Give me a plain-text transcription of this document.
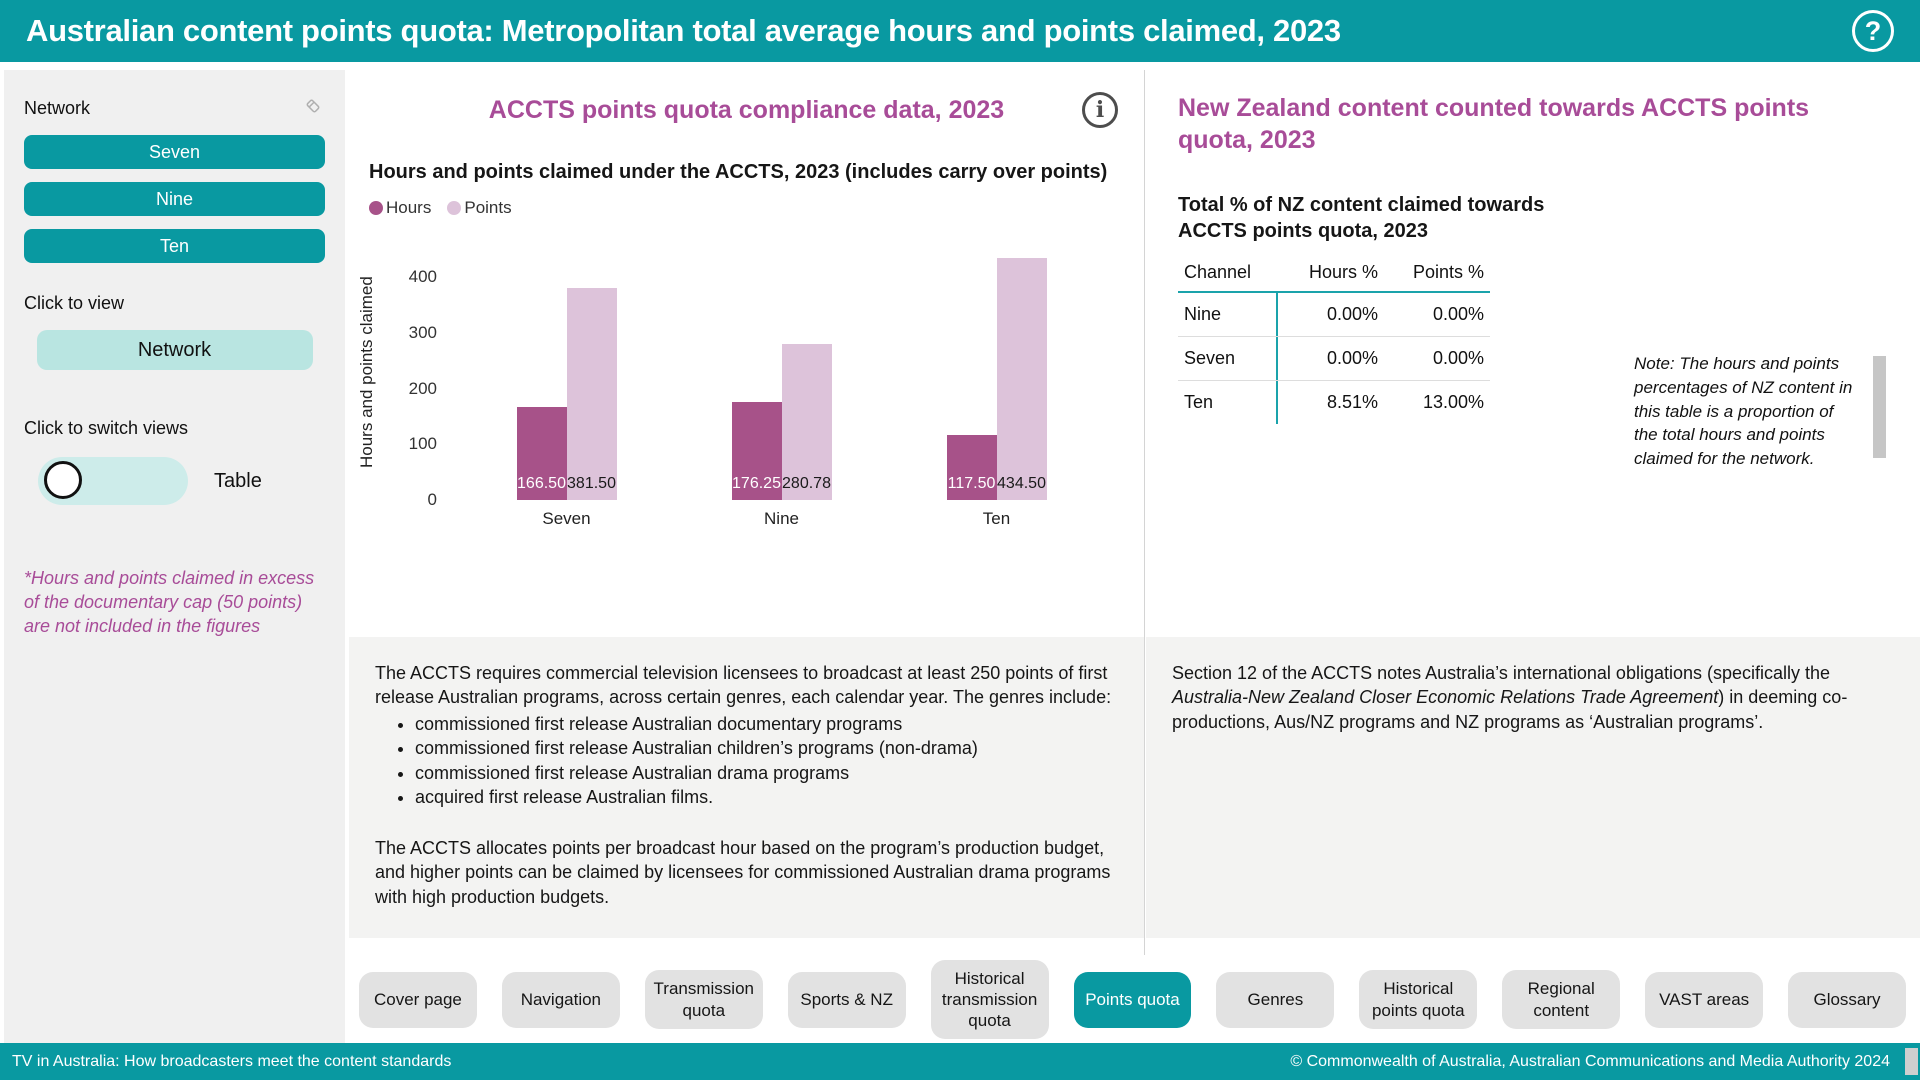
Australian content points quota: Metropolitan total average hours and points claimed, 2023	?
Network
Seven
Nine
Ten
Click to view
Network
Click to switch views
Table
*Hours and points claimed in excess of the documentary cap (50 points) are not included in the figures
ACCTS points quota compliance data, 2023	i
Hours and points claimed under the ACCTS, 2023 (includes carry over points)
Hours Points
Hours and points claimed
0
100
200
300
400
166.50 381.50
Seven
176.25 280.78
Nine
117.50 434.50
Ten

The ACCTS requires commercial television licensees to broadcast at least 250 points of first release Australian programs, across certain genres, each calendar year. The genres include:

• commissioned first release Australian documentary programs
• commissioned first release Australian children’s programs (non-drama)
• commissioned first release Australian drama programs
• acquired first release Australian films.

The ACCTS allocates points per broadcast hour based on the program’s production budget, and higher points can be claimed by licensees for commissioned Australian drama programs with high production budgets.

New Zealand content counted towards ACCTS points quota, 2023
Total % of NZ content claimed towards ACCTS points quota, 2023
Channel	Hours %	Points %
Nine	0.00%	0.00%
Seven	0.00%	0.00%
Ten	8.51%	13.00%
Note: The hours and points percentages of NZ content in this table is a proportion of the total hours and points claimed for the network.

Section 12 of the ACCTS notes Australia’s international obligations (specifically the Australia-New Zealand Closer Economic Relations Trade Agreement) in deeming co-productions, Aus/NZ programs and NZ programs as ‘Australian programs’.

Cover page	Navigation
Transmission quota
Sports & NZ
Historical transmission quota
Points quota	Genres
Historical points quota
Regional content
VAST areas	Glossary
TV in Australia: How broadcasters meet the content standards	© Commonwealth of Australia, Australian Communications and Media Authority 2024
